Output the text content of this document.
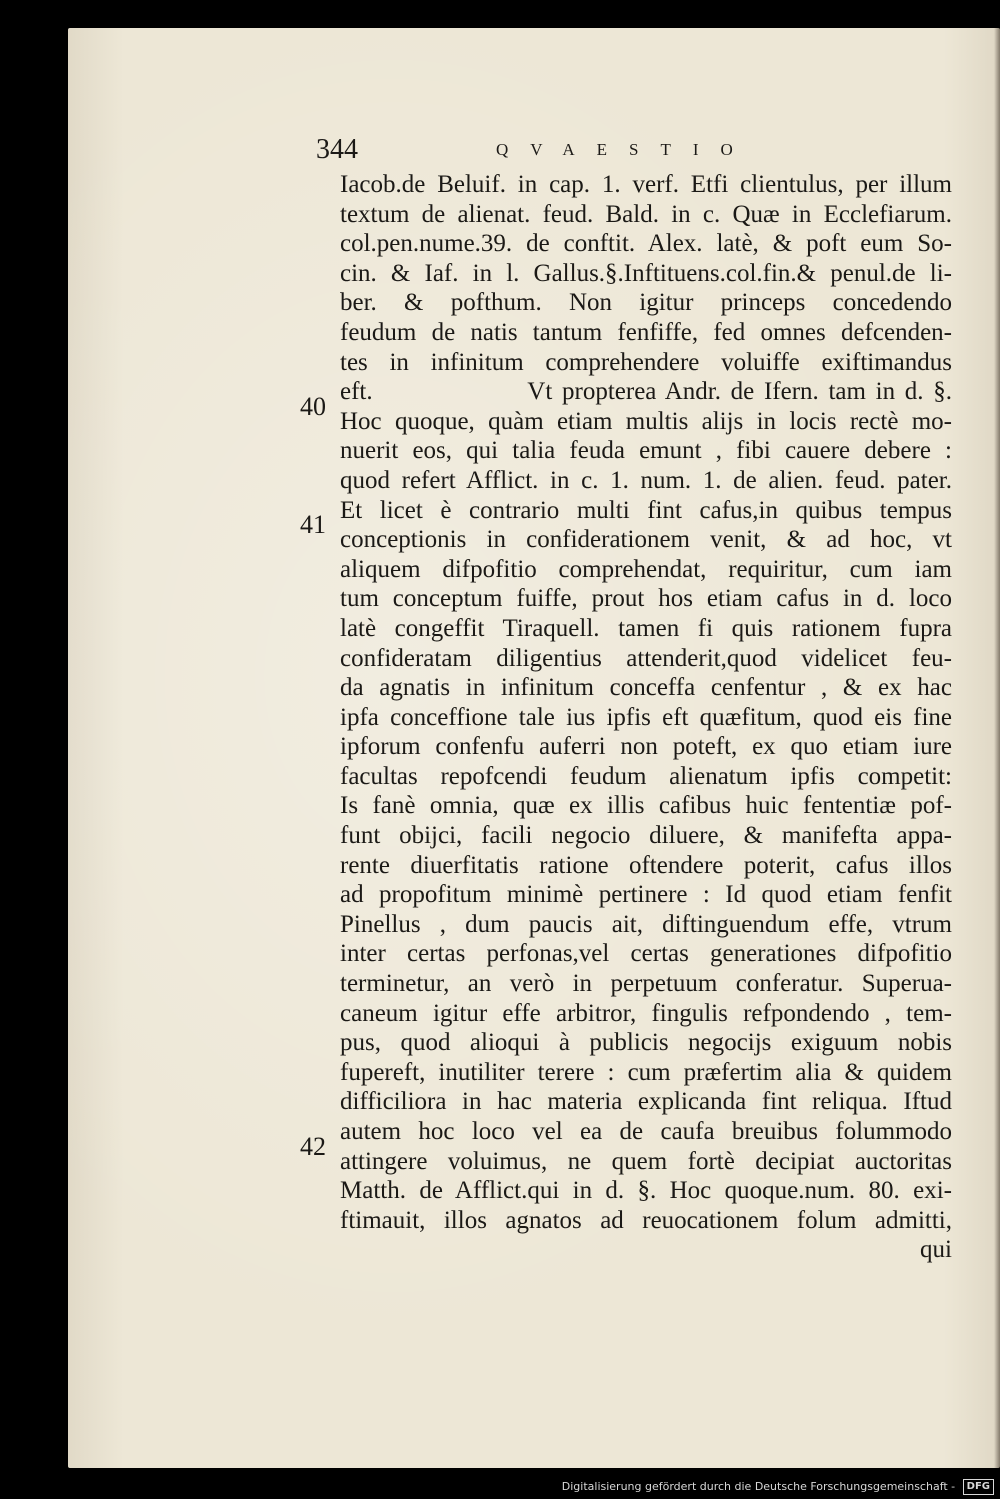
344	QVAESTIO
40
41
42
Iacob.de Beluif. in cap. 1. verf. Etfi clientulus, per illum
textum de alienat. feud. Bald. in c. Quæ in Ecclefiarum.
col.pen.nume.39. de conftit. Alex. latè, & poft eum So-
cin. & Iaf. in l. Gallus.§.Inftituens.col.fin.& penul.de li-
ber. & pofthum. Non igitur princeps concedendo
feudum de natis tantum fenfiffe, fed omnes defcenden-
tes in infinitum comprehendere voluiffe exiftimandus
eft.                Vt propterea Andr. de Ifern. tam in d. §.
Hoc quoque, quàm etiam multis alijs in locis rectè mo-
nuerit eos, qui talia feuda emunt , fibi cauere debere :
quod refert Afflict. in c. 1. num. 1. de alien. feud. pater.
Et licet è contrario multi fint cafus,in quibus tempus
conceptionis in confiderationem venit, & ad hoc, vt
aliquem difpofitio comprehendat, requiritur, cum iam
tum conceptum fuiffe, prout hos etiam cafus in d. loco
latè congeffit Tiraquell. tamen fi quis rationem fupra
confideratam diligentius attenderit,quod videlicet feu-
da agnatis in infinitum conceffa cenfentur , & ex hac
ipfa conceffione tale ius ipfis eft quæfitum, quod eis fine
ipforum confenfu auferri non poteft, ex quo etiam iure
facultas repofcendi feudum alienatum ipfis competit:
Is fanè omnia, quæ ex illis cafibus huic fententiæ pof-
funt obijci, facili negocio diluere, & manifefta appa-
rente diuerfitatis ratione oftendere poterit, cafus illos
ad propofitum minimè pertinere : Id quod etiam fenfit
Pinellus , dum paucis ait, diftinguendum effe, vtrum
inter certas perfonas,vel certas generationes difpofitio
terminetur, an verò in perpetuum conferatur. Superua-
caneum igitur effe arbitror, fingulis refpondendo , tem-
pus, quod alioqui à publicis negocijs exiguum nobis
fupereft, inutiliter terere : cum præfertim alia & quidem
difficiliora in hac materia explicanda fint reliqua. Iftud
autem hoc loco vel ea de caufa breuibus folummodo
attingere voluimus, ne quem fortè decipiat auctoritas
Matth. de Afflict.qui in d. §. Hoc quoque.num. 80. exi-
ftimauit, illos agnatos ad reuocationem folum admitti,
qui
Digitalisierung gefördert durch die Deutsche Forschungsgemeinschaft - DFG
